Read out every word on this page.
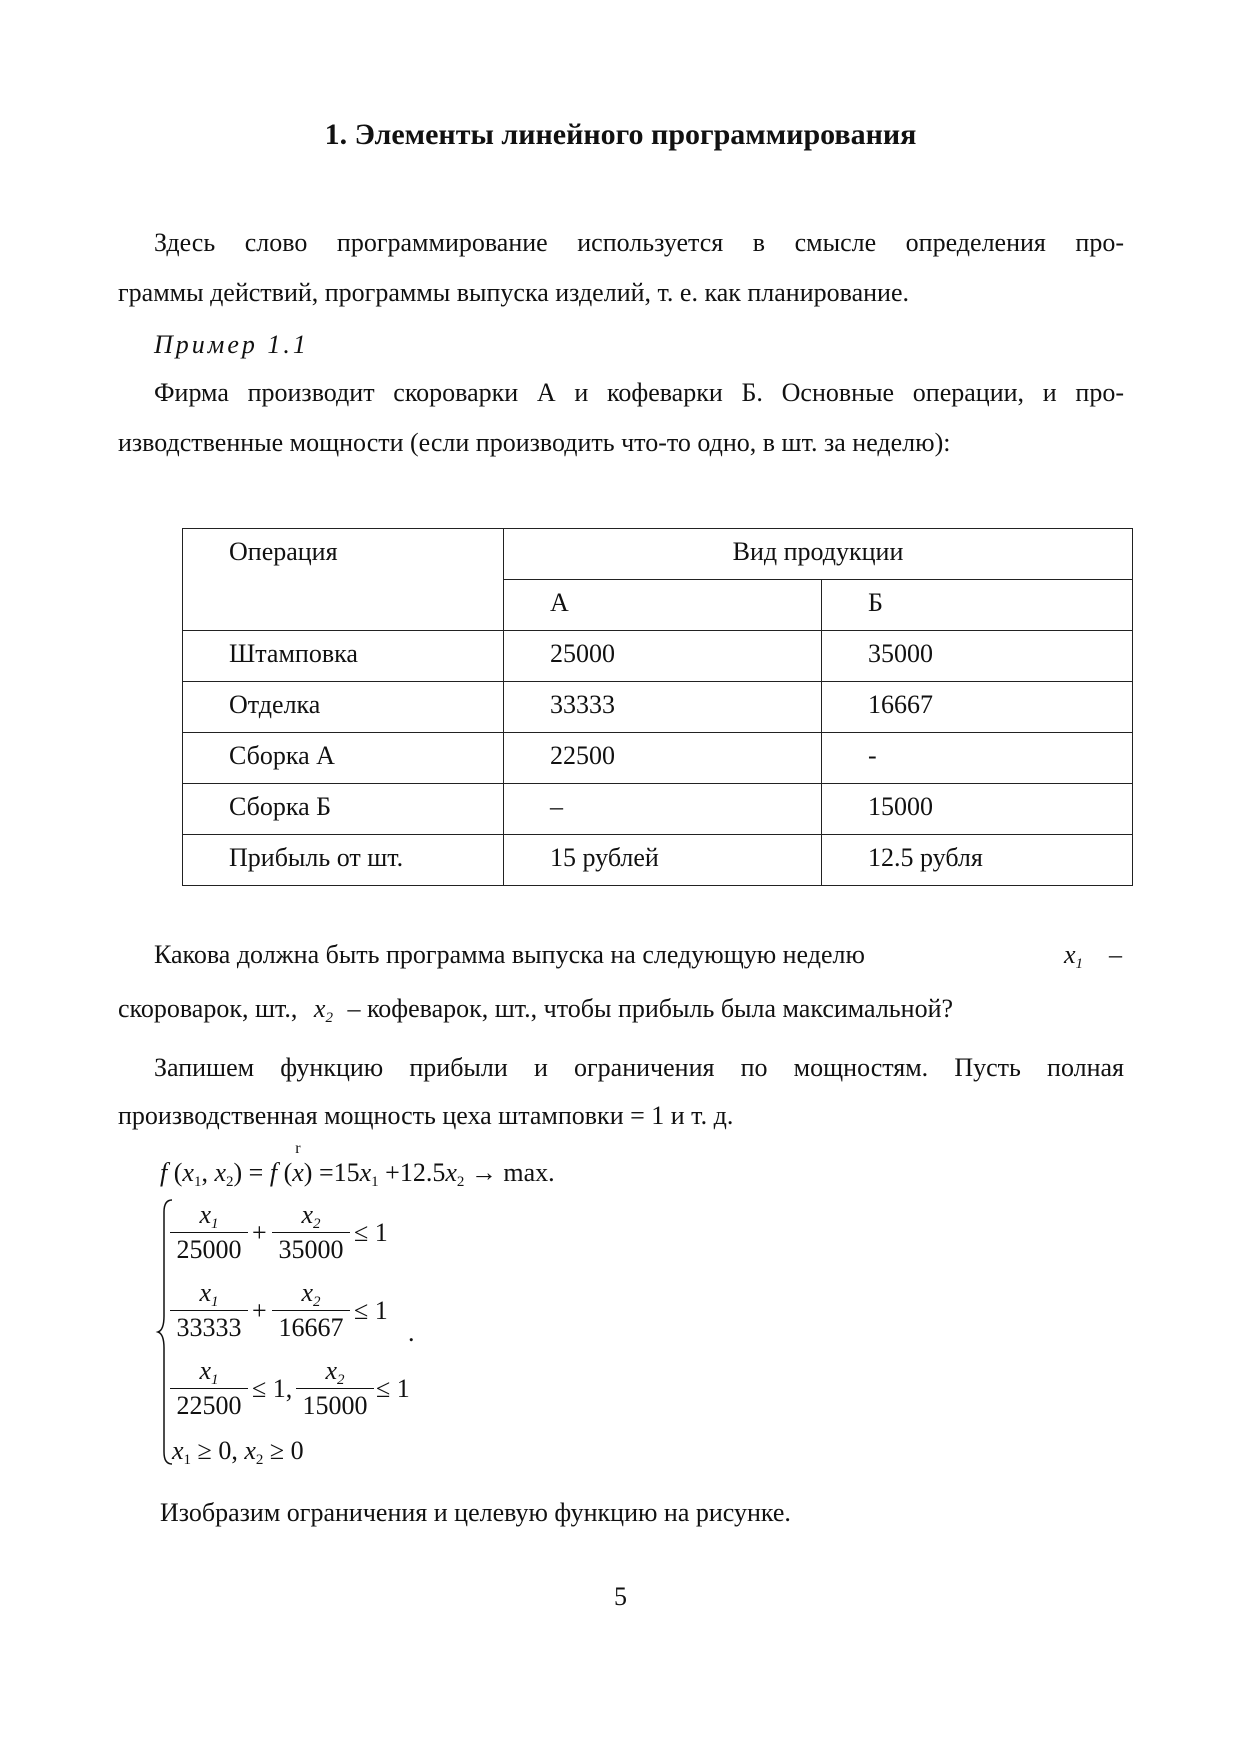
1. Элементы линейного программирования
Здесь слово программирование используется в смысле определения про-
граммы действий, программы выпуска изделий, т. е. как планирование.
Пример 1.1
Фирма производит скороварки А и кофеварки Б. Основные операции, и про-
изводственные мощности (если производить что-то одно, в шт. за неделю):
Операция	Вид продукции	
	А	Б
Штамповка	25000	35000
Отделка	33333	16667
Сборка А	22500	-
Сборка Б	–	15000
Прибыль от шт.	15 рублей	12.5 рубля
Какова должна быть программа выпуска на следующую неделю	$x_1$ –
скороварок, шт., $x_2$ – кофеварок, шт., чтобы прибыль была максимальной?
Запишем функцию прибыли и ограничения по мощностям. Пусть полная
производственная мощность цеха штамповки = 1 и т. д.
f ($x_1$, $x_2) = f$ (x
r
) $=15x_1 +12.5x_2 \to \max$.
$\frac{x_1}{25000} + \frac{x_2}{35000} \le 1$
$\frac{x_1}{33333} + \frac{x_2}{16667} \le 1$
.
$\frac{x_1}{22500} \le 1$, $\frac{x_2}{15000} \le 1$
$x_1 \ge 0$, $x_2 \ge 0$
Изобразим ограничения и целевую функцию на рисунке.
5
